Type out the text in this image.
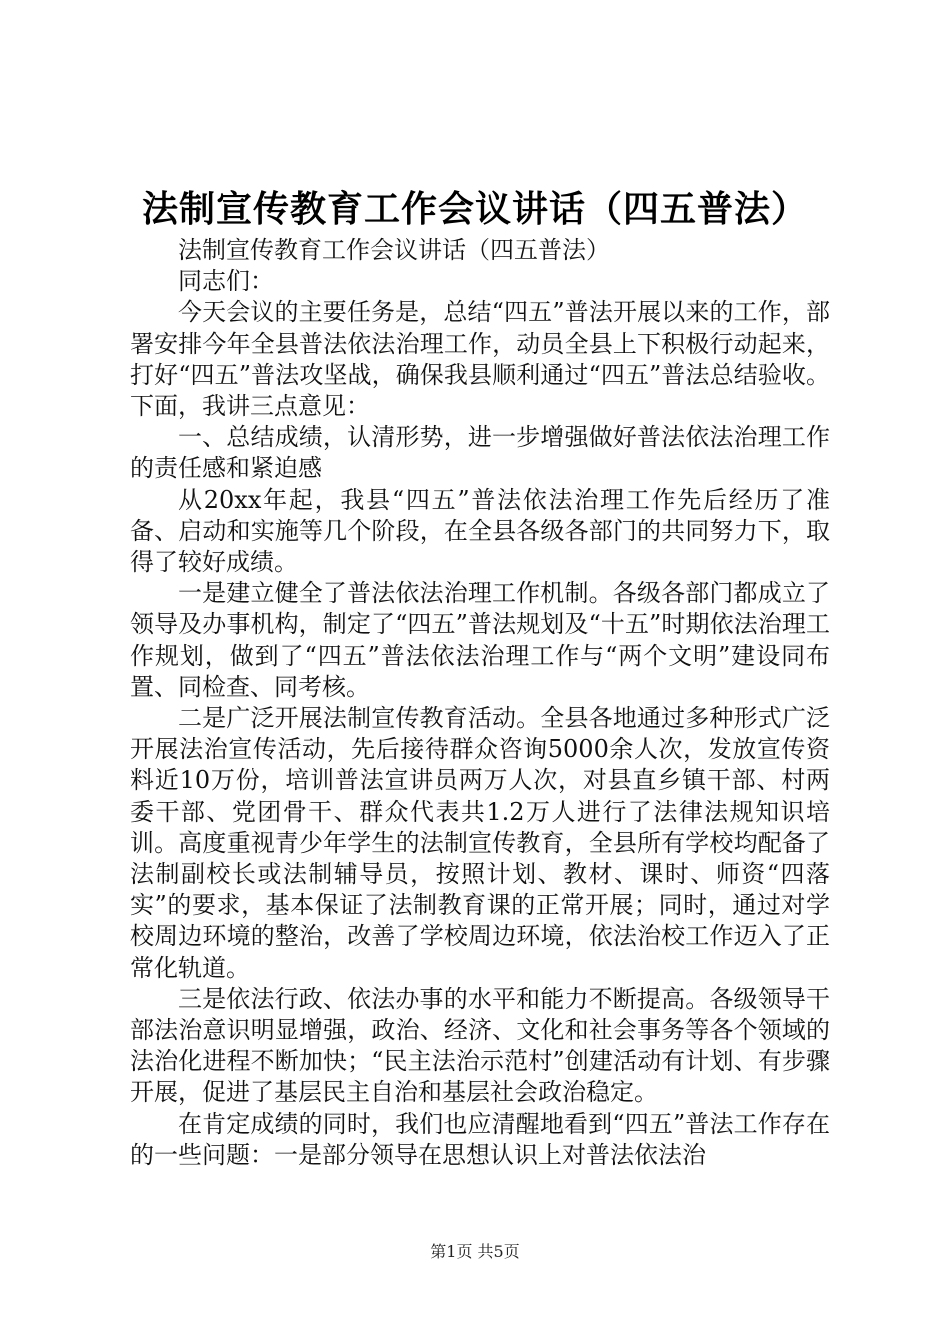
法制宣传教育工作会议讲话（四五普法）

法制宣传教育工作会议讲话（四五普法）

同志们：

今天会议的主要任务是，总结“四五”普法开展以来的工作，部署安排今年全县普法依法治理工作，动员全县上下积极行动起来，打好“四五”普法攻坚战，确保我县顺利通过“四五”普法总结验收。下面，我讲三点意见：

一、总结成绩，认清形势，进一步增强做好普法依法治理工作的责任感和紧迫感

从20xx年起，我县“四五”普法依法治理工作先后经历了准备、启动和实施等几个阶段，在全县各级各部门的共同努力下，取得了较好成绩。

一是建立健全了普法依法治理工作机制。各级各部门都成立了领导及办事机构，制定了“四五”普法规划及“十五”时期依法治理工作规划，做到了“四五”普法依法治理工作与“两个文明”建设同布置、同检查、同考核。

二是广泛开展法制宣传教育活动。全县各地通过多种形式广泛开展法治宣传活动，先后接待群众咨询5000余人次，发放宣传资料近10万份，培训普法宣讲员两万人次，对县直乡镇干部、村两委干部、党团骨干、群众代表共1.2万人进行了法律法规知识培训。高度重视青少年学生的法制宣传教育，全县所有学校均配备了法制副校长或法制辅导员，按照计划、教材、课时、师资“四落实”的要求，基本保证了法制教育课的正常开展；同时，通过对学校周边环境的整治，改善了学校周边环境，依法治校工作迈入了正常化轨道。

三是依法行政、依法办事的水平和能力不断提高。各级领导干部法治意识明显增强，政治、经济、文化和社会事务等各个领域的法治化进程不断加快；“民主法治示范村”创建活动有计划、有步骤开展，促进了基层民主自治和基层社会政治稳定。

在肯定成绩的同时，我们也应清醒地看到“四五”普法工作存在的一些问题：一是部分领导在思想认识上对普法依法治

第1页 共5页
